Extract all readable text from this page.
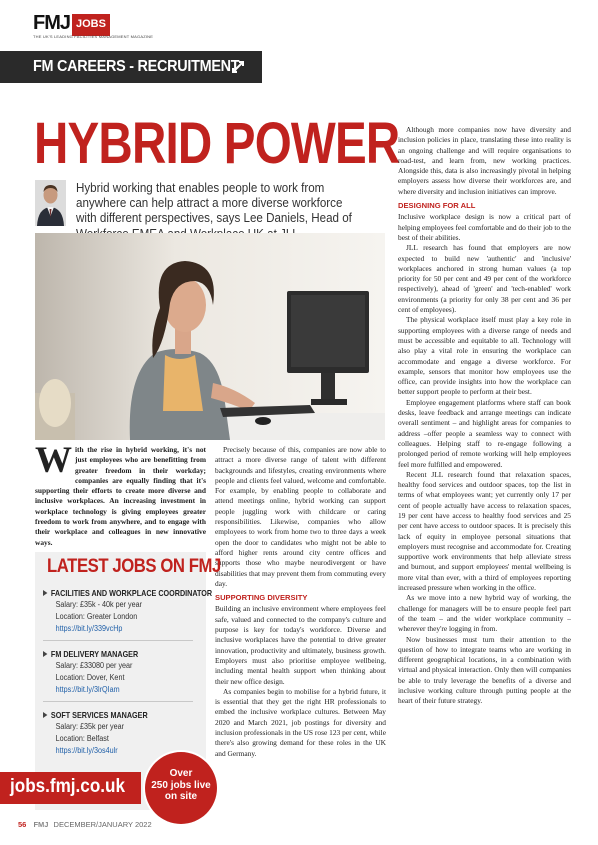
FMJ JOBS
THE UK'S LEADING FACILITIES MANAGEMENT MAGAZINE
FM CAREERS - RECRUITMENT
HYBRID POWER

Hybrid working that enables people to work from anywhere can help attract a more diverse workforce with different perspectives, says Lee Daniels, Head of

With the rise in hybrid working, it's not just employees who are benefitting from greater freedom in their workday; companies are equally finding that it's supporting their efforts to create more diverse and inclusive workplaces. An increasing investment in workplace technology is giving employees greater freedom to work from anywhere, and to engage with their workplace and colleagues in new innovative ways.

Precisely because of this, companies are now able to attract a more diverse range of talent with different backgrounds and lifestyles, creating environments where people and clients feel valued, welcome and comfortable. For example, by enabling people to collaborate and attend meetings online, hybrid working can support people juggling work with childcare or caring responsibilities. Likewise, companies who allow employees to work from home two to three days a week open the door to candidates who might not be able to afford higher rents around city centre offices and supports those who maybe neurodivergent or have disabilities that may prevent them from commuting every day.

SUPPORTING DIVERSITY

Building an inclusive environment where employees feel safe, valued and connected to the company's culture and purpose is key for today's workforce. Diverse and inclusive workplaces have the potential to drive greater innovation, productivity and ultimately, business growth. Employers must also prioritise employee wellbeing, including mental health support when thinking about their new office design.

As companies begin to mobilise for a hybrid future, it is essential that they get the right HR professionals to embed the inclusive workplace cultures. Between May 2020 and March 2021, job postings for diversity and inclusion professionals in the US rose 123 per cent, while there's also growing demand for these roles in the UK and Germany.

Although more companies now have diversity and inclusion policies in place, translating these into reality is an ongoing challenge and will require organisations to road-test, and learn from, new working practices. Alongside this, data is also increasingly pivotal in helping employers assess how diverse their workforces are, and where diversity and inclusion initiatives can improve.

DESIGNING FOR ALL

Inclusive workplace design is now a critical part of helping employees feel comfortable and do their job to the best of their abilities.

JLL research has found that employers are now expected to build new 'authentic' and 'inclusive' workplaces anchored in strong human values (a top priority for 50 per cent and 49 per cent of the workforce respectively), ahead of 'green' and 'tech-enabled' work environments (a priority for only 38 per cent and 36 per cent of employees).

The physical workplace itself must play a key role in supporting employees with a diverse range of needs and must be accessible and equitable to all. Technology will also play a vital role in ensuring the workplace can accommodate and engage a diverse workforce. For example, sensors that monitor how employees use the office, can provide insights into how the workplace can better support people to perform at their best.

Employee engagement platforms where staff can book desks, leave feedback and arrange meetings can indicate overall sentiment – and highlight areas for companies to address –offer people a seamless way to connect with colleagues. Helping staff to re-engage following a prolonged period of remote working will help employees feel more fulfilled and empowered.

Recent JLL research found that relaxation spaces, healthy food services and outdoor spaces, top the list in terms of what employees want; yet currently only 17 per cent of people actually have access to relaxation spaces, 19 per cent have access to healthy food services and 25 per cent have access to outdoor spaces. It is precisely this lack of equity in employee personal situations that employers must recognise and accommodate for. Creating supportive work environments that help alleviate stress and burnout, and support employees' mental wellbeing is more vital than ever, with a third of employees reporting increased pressure when working in the office.

As we move into a new hybrid way of working, the challenge for managers will be to ensure people feel part of the team – and the wider workplace community – wherever they're logging in from.

Now businesses must turn their attention to the question of how to integrate teams who are working in different geographical locations, in a combination with virtual and physical interaction. Only then will companies be able to truly leverage the benefits of a diverse and inclusive working culture through putting people at the heart of their future strategy.

LATEST JOBS ON FMJ
FACILITIES AND WORKPLACE COORDINATOR
Salary: £35k - 40k per year
Location: Greater London
https://bit.ly/339vcHp
FM DELIVERY MANAGER
Salary: £33080 per year
Location: Dover, Kent
https://bit.ly/3lrQIam
SOFT SERVICES MANAGER
Salary: £35k per year
Location: Belfast
https://bit.ly/3os4ulr
jobs.fmj.co.uk
Over
250 jobs live
on site
56 FMJ DECEMBER/JANUARY 2022
